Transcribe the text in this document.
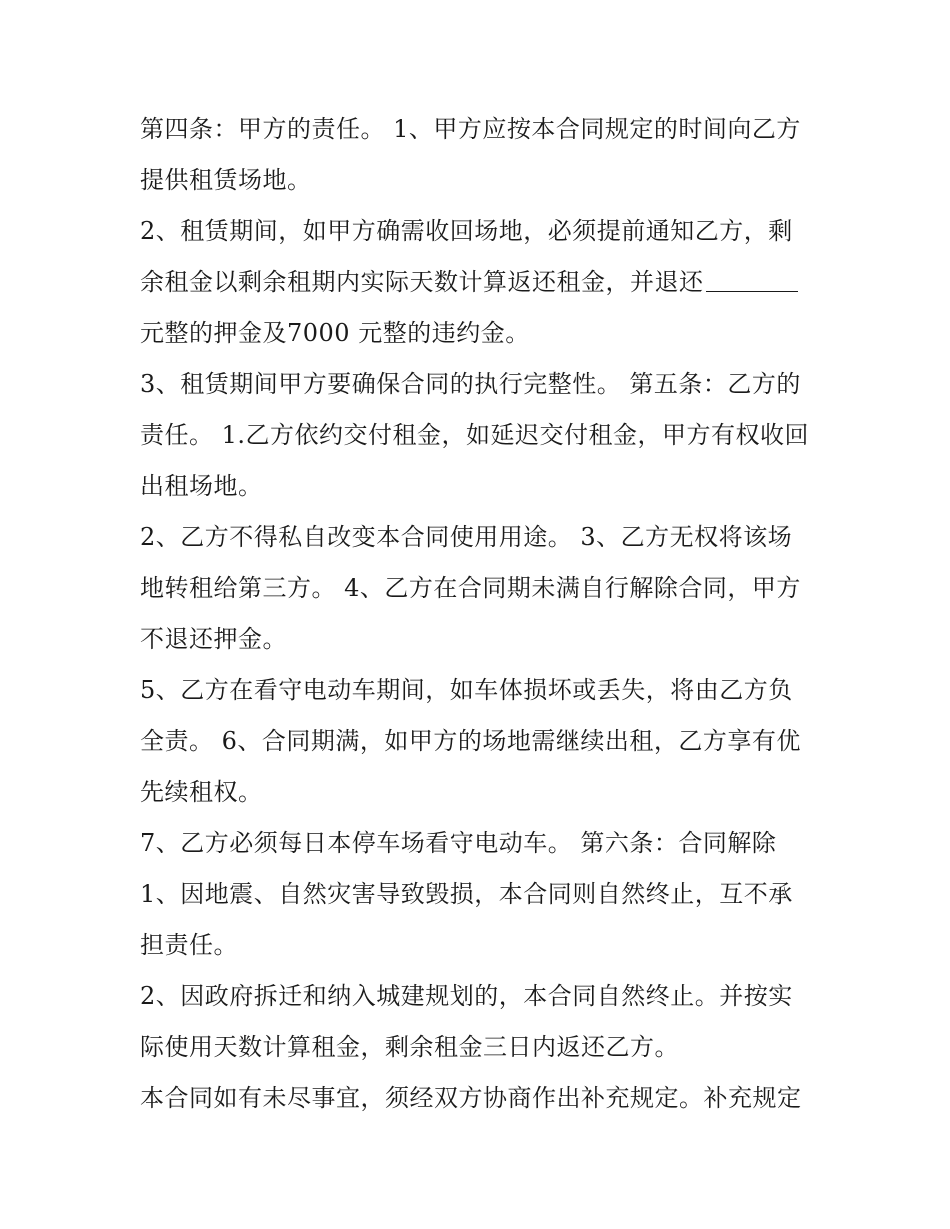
第四条：甲方的责任。 1、甲方应按本合同规定的时间向乙方
提供租赁场地。
2、租赁期间，如甲方确需收回场地，必须提前通知乙方，剩
余租金以剩余租期内实际天数计算返还租金，并退还
元整的押金及7000 元整的违约金。
3、租赁期间甲方要确保合同的执行完整性。 第五条：乙方的
责任。 1.乙方依约交付租金，如延迟交付租金，甲方有权收回
出租场地。
2、乙方不得私自改变本合同使用用途。 3、乙方无权将该场
地转租给第三方。 4、乙方在合同期未满自行解除合同，甲方
不退还押金。
5、乙方在看守电动车期间，如车体损坏或丢失，将由乙方负
全责。 6、合同期满，如甲方的场地需继续出租，乙方享有优
先续租权。
7、乙方必须每日本停车场看守电动车。 第六条：合同解除
1、因地震、自然灾害导致毁损，本合同则自然终止，互不承
担责任。
2、因政府拆迁和纳入城建规划的，本合同自然终止。并按实
际使用天数计算租金，剩余租金三日内返还乙方。
本合同如有未尽事宜，须经双方协商作出补充规定。补充规定
